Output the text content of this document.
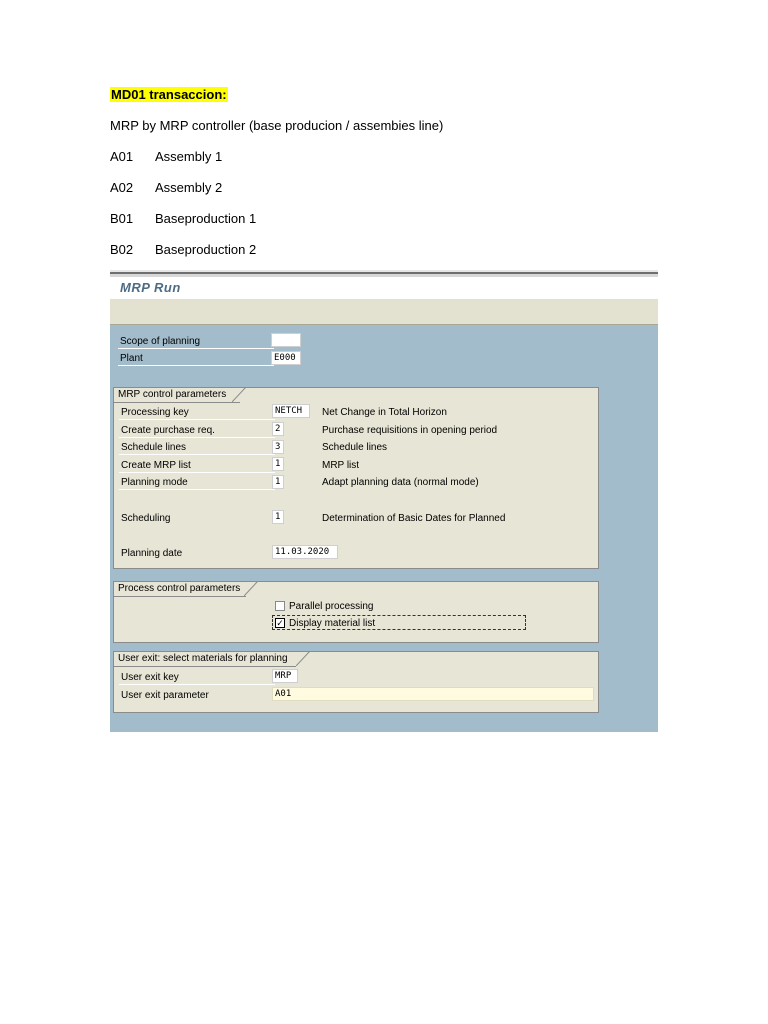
MD01 transaccion:
MRP by MRP controller (base producion / assembies line)
A01 Assembly 1
A02 Assembly 2
B01 Baseproduction 1
B02 Baseproduction 2
MRP Run
Scope of planning
Plant	E000
MRP control parameters
Processing key	NETCH	Net Change in Total Horizon
Create purchase req.	2	Purchase requisitions in opening period
Schedule lines	3	Schedule lines
Create MRP list	1	MRP list
Planning mode	1	Adapt planning data (normal mode)
Scheduling	1	Determination of Basic Dates for Planned
Planning date	11.03.2020
Process control parameters
Parallel processing
✓ Display material list
User exit: select materials for planning
User exit key	MRP
User exit parameter	A01
